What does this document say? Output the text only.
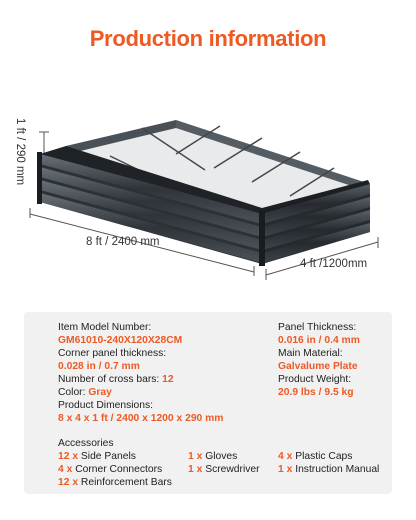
Production information
1 ft / 290 mm
8 ft / 2400 mm
4 ft /1200mm
Item Model Number:
GM61010-240X120X28CM
Corner panel thickness:
0.028 in / 0.7 mm
Number of cross bars: 12
Color: Gray
Product Dimensions:
8 x 4 x 1 ft / 2400 x 1200 x 290 mm
Panel Thickness:
0.016 in / 0.4 mm
Main Material:
Galvalume Plate
Product Weight:
20.9 lbs / 9.5 kg
Accessories
12 x Side Panels
4 x Corner Connectors
12 x Reinforcement Bars
1 x Gloves
1 x Screwdriver
4 x Plastic Caps
1 x Instruction Manual
